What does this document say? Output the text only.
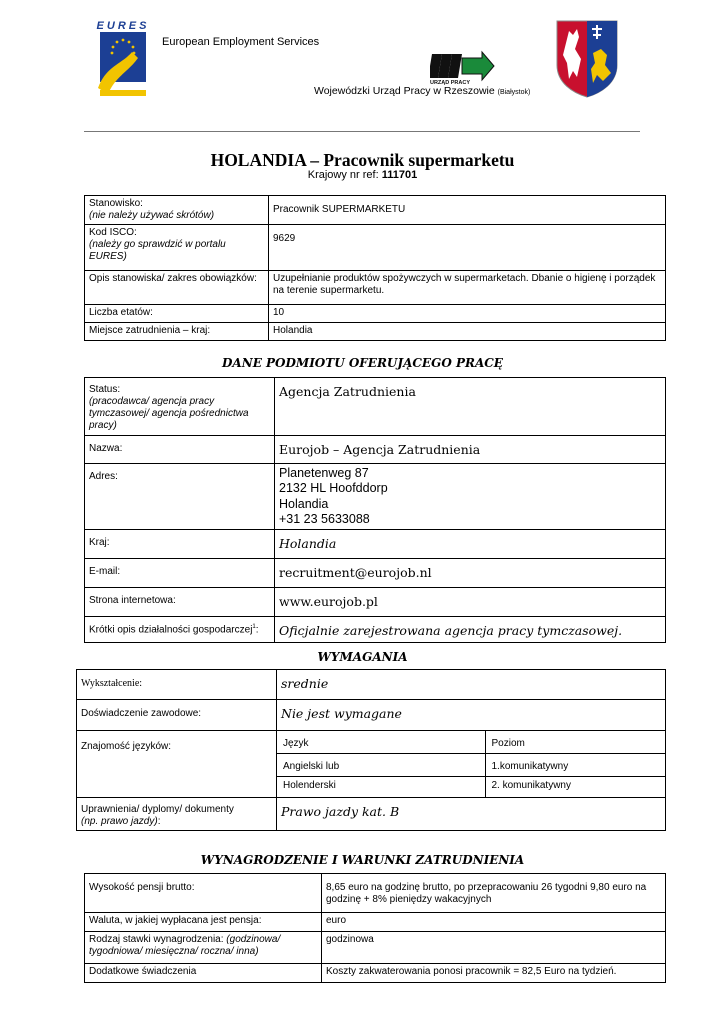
EURES
European Employment Services
URZĄD PRACY
Wojewódzki Urząd Pracy w Rzeszowie (Białystok)
HOLANDIA – Pracownik supermarketu
Krajowy nr ref: 111701
Stanowisko:
(nie należy używać skrótów)	Pracownik SUPERMARKETU
Kod ISCO:
(należy go sprawdzić w portalu EURES)	9629
Opis stanowiska/ zakres obowiązków:	Uzupełnianie produktów spożywczych w supermarketach. Dbanie o higienę i porządek na terenie supermarketu.
Liczba etatów:	10
Miejsce zatrudnienia – kraj:	Holandia
DANE PODMIOTU OFERUJĄCEGO PRACĘ
Status:
(pracodawca/ agencja pracy tymczasowej/ agencja pośrednictwa pracy)	Agencja Zatrudnienia
Nazwa:	Eurojob – Agencja Zatrudnienia
Adres:	Planetenweg 87
2132 HL Hoofddorp
Holandia
+31 23 5633088

Kraj:	Holandia
E-mail:	recruitment@eurojob.nl
Strona internetowa:	www.eurojob.pl
Krótki opis działalności gospodarczej$^1$:	Oficjalnie zarejestrowana agencja pracy tymczasowej.
WYMAGANIA
Wykształcenie:	srednie
Doświadczenie zawodowe:	Nie jest wymagane
Znajomość języków:		Język	Poziom
Angielski lub	1.komunikatywny
Holenderski	2. komunikatywny

Uprawnienia/ dyplomy/ dokumenty
(np. prawo jazdy):	Prawo jazdy kat. B
WYNAGRODZENIE I WARUNKI ZATRUDNIENIA
Wysokość pensji brutto:	8,65 euro na godzinę brutto, po przepracowaniu 26 tygodni 9,80 euro na godzinę + 8% pieniędzy wakacyjnych
Waluta, w jakiej wypłacana jest pensja:	euro
Rodzaj stawki wynagrodzenia: (godzinowa/ tygodniowa/ miesięczna/ roczna/ inna)	godzinowa
Dodatkowe świadczenia	Koszty zakwaterowania ponosi pracownik = 82,5 Euro na tydzień.
